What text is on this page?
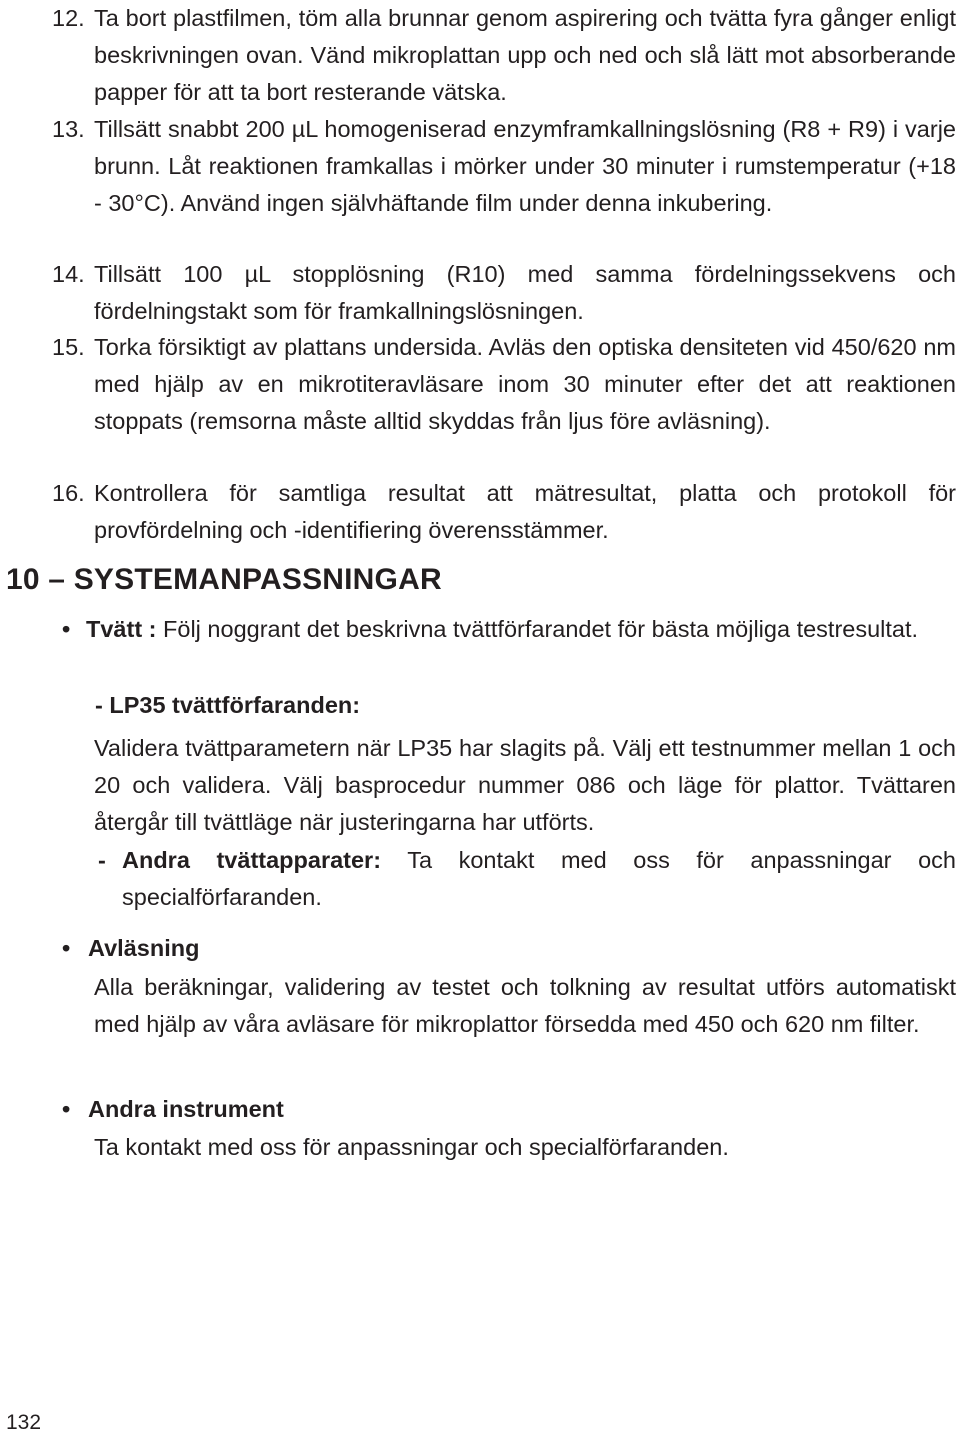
12. Ta bort plastfilmen, töm alla brunnar genom aspirering och tvätta fyra gånger enligt beskrivningen ovan. Vänd mikroplattan upp och ned och slå lätt mot absorberande papper för att ta bort resterande vätska.
13. Tillsätt snabbt 200 µL homogeniserad enzymframkallningslösning (R8 + R9) i varje brunn. Låt reaktionen framkallas i mörker under 30 minuter i rumstemperatur (+18 - 30°C). Använd ingen självhäftande film under denna inkubering.
14. Tillsätt 100 µL stopplösning (R10) med samma fördelningssekvens och fördelningstakt som för framkallningslösningen.
15. Torka försiktigt av plattans undersida. Avläs den optiska densiteten vid 450/620 nm med hjälp av en mikrotiteravläsare inom 30 minuter efter det att reaktionen stoppats (remsorna måste alltid skyddas från ljus före avläsning).
16. Kontrollera för samtliga resultat att mätresultat, platta och protokoll för provfördelning och -identifiering överensstämmer.
10 – SYSTEMANPASSNINGAR
• Tvätt : Följ noggrant det beskrivna tvättförfarandet för bästa möjliga testresultat.
- LP35 tvättförfaranden:
Validera tvättparametern när LP35 har slagits på. Välj ett testnummer mellan 1 och 20 och validera. Välj basprocedur nummer 086 och läge för plattor. Tvättaren återgår till tvättläge när justeringarna har utförts.
- Andra tvättapparater: Ta kontakt med oss för anpassningar och specialförfaranden.
• Avläsning
Alla beräkningar, validering av testet och tolkning av resultat utförs automatiskt med hjälp av våra avläsare för mikroplattor försedda med 450 och 620 nm filter.
• Andra instrument
Ta kontakt med oss för anpassningar och specialförfaranden.
132
